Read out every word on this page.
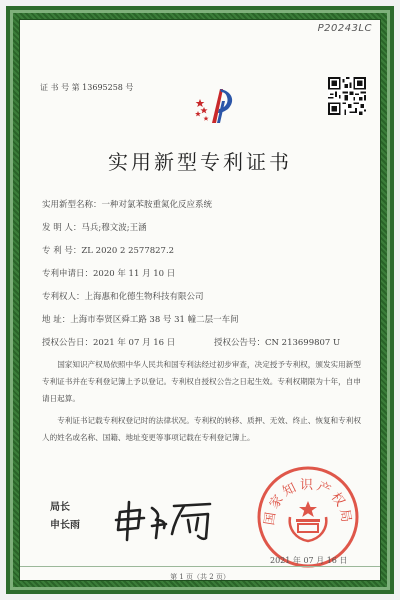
P20243LC
证 书 号 第 13695258 号
实用新型专利证书
实用新型名称：一种对氯苯胺重氮化反应系统
发 明 人：马兵;穆文波;王涵
专 利 号：ZL 2020 2 2577827.2
专利申请日：2020 年 11 月 10 日
专利权人：上海惠和化德生物科技有限公司
地 址：上海市奉贤区舜工路 38 号 31 幢二层一车间
授权公告日：2021 年 07 月 16 日	授权公告号：CN 213699807 U
国家知识产权局依照中华人民共和国专利法经过初步审查，决定授予专利权，颁发实用新型专利证书并在专利登记簿上予以登记。专利权自授权公告之日起生效。专利权期限为十年，自申请日起算。
专利证书记载专利权登记时的法律状况。专利权的转移、质押、无效、终止、恢复和专利权人的姓名或名称、国籍、地址变更等事项记载在专利登记簿上。
局长
申长雨	国家知识产权局
2021 年 07 月 16 日
第 1 页（共 2 页）
